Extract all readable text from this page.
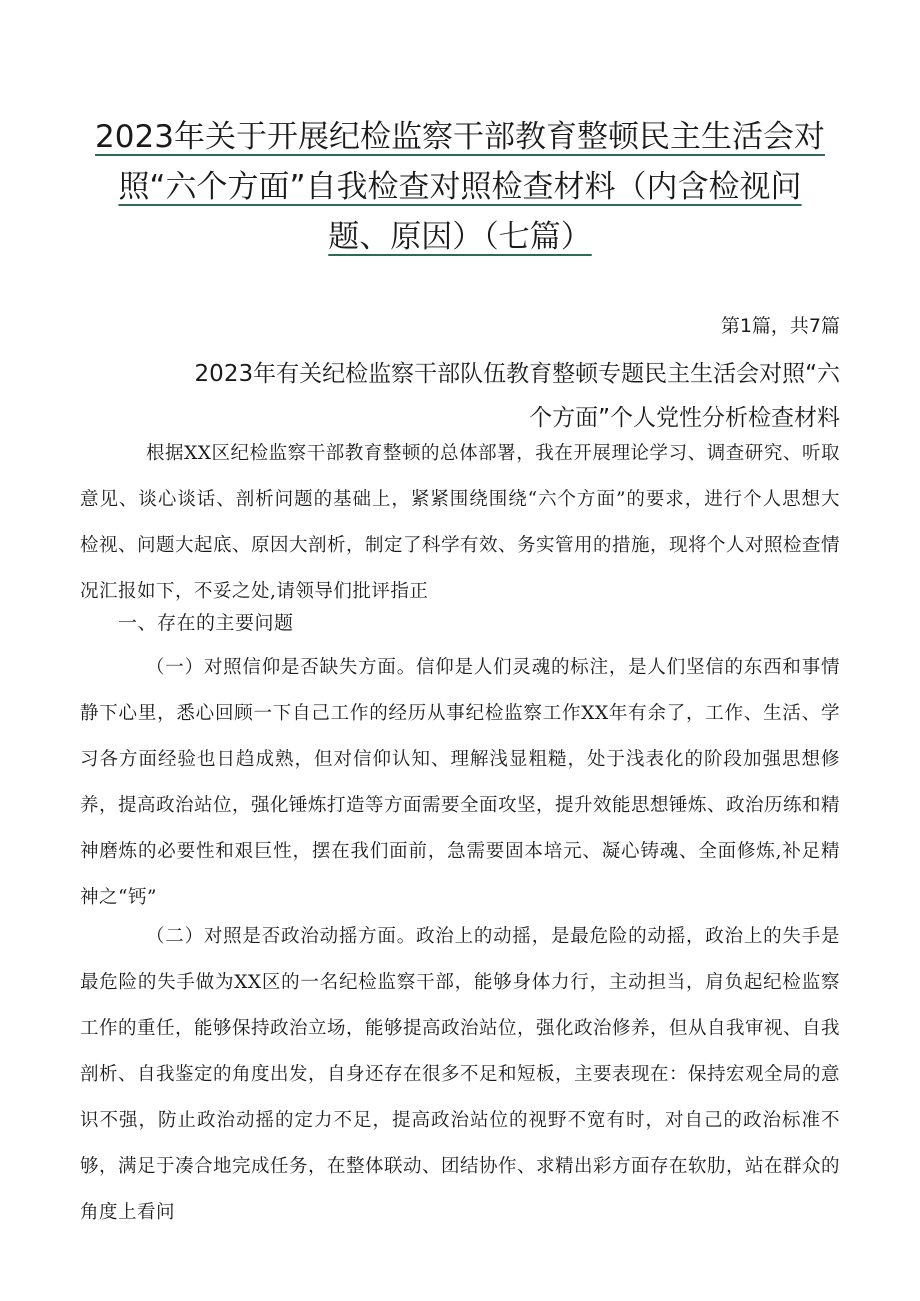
2023年关于开展纪检监察干部教育整顿民主生活会对
照“六个方面”自我检查对照检查材料（内含检视问
题、原因）（七篇）
第1篇，共7篇
2023年有关纪检监察干部队伍教育整顿专题民主生活会对照“六
个方面”个人党性分析检查材料

根据XX区纪检监察干部教育整顿的总体部署，我在开展理论学习、调查研究、听取意见、谈心谈话、剖析问题的基础上，紧紧围绕围绕“六个方面”的要求，进行个人思想大检视、问题大起底、原因大剖析，制定了科学有效、务实管用的措施，现将个人对照检查情况汇报如下，不妥之处,请领导们批评指正

一、存在的主要问题

（一）对照信仰是否缺失方面。信仰是人们灵魂的标注，是人们坚信的东西和事情静下心里，悉心回顾一下自己工作的经历从事纪检监察工作XX年有余了，工作、生活、学习各方面经验也日趋成熟，但对信仰认知、理解浅显粗糙，处于浅表化的阶段加强思想修养，提高政治站位，强化锤炼打造等方面需要全面攻坚，提升效能思想锤炼、政治历练和精神磨炼的必要性和艰巨性，摆在我们面前，急需要固本培元、凝心铸魂、全面修炼,补足精神之“钙”

（二）对照是否政治动摇方面。政治上的动摇，是最危险的动摇，政治上的失手是最危险的失手做为XX区的一名纪检监察干部，能够身体力行，主动担当，肩负起纪检监察工作的重任，能够保持政治立场，能够提高政治站位，强化政治修养，但从自我审视、自我剖析、自我鉴定的角度出发，自身还存在很多不足和短板，主要表现在：保持宏观全局的意识不强，防止政治动摇的定力不足，提高政治站位的视野不宽有时，对自己的政治标准不够，满足于凑合地完成任务，在整体联动、团结协作、求精出彩方面存在软肋，站在群众的角度上看问
